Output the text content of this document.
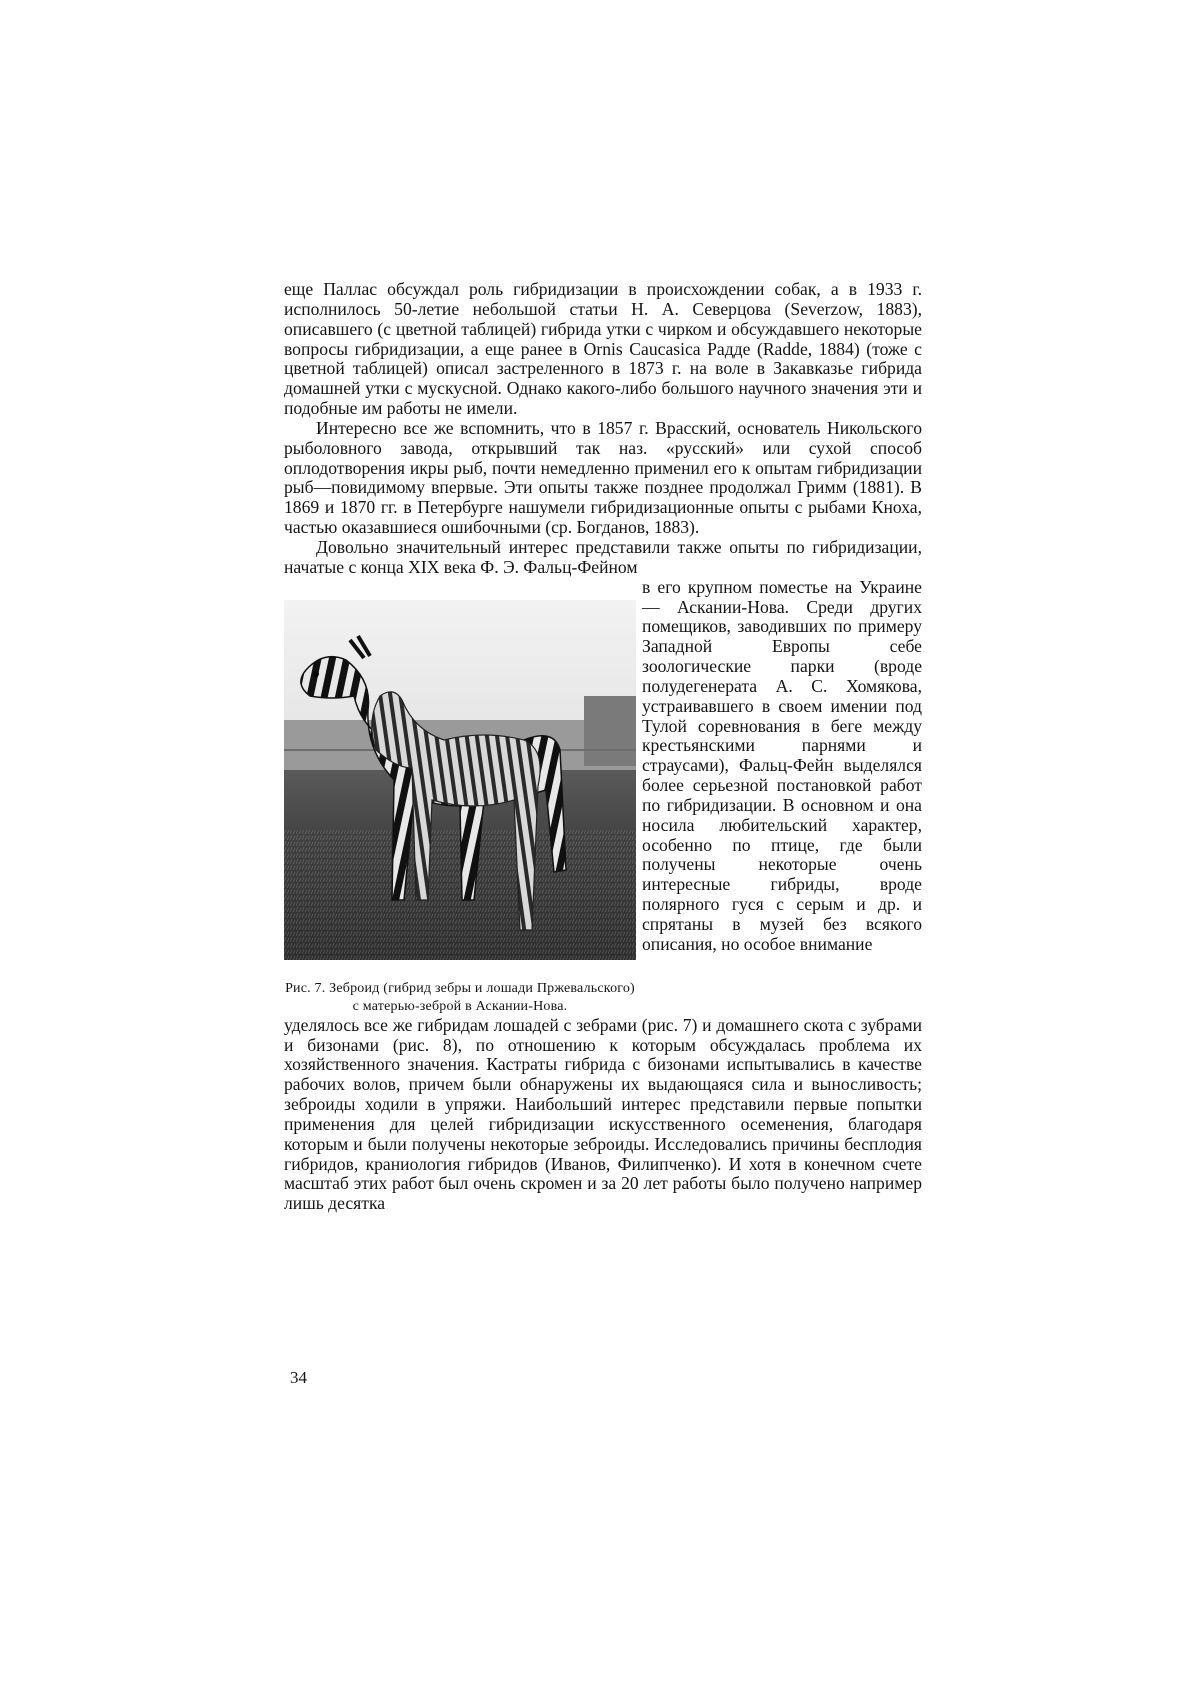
еще Паллас обсуждал роль гибридизации в происхождении собак, а в 1933 г. исполнилось 50-летие небольшой статьи Н. А. Северцова (Severzow, 1883), описавшего (с цветной таблицей) гибрида утки с чирком и обсуждавшего некоторые вопросы гибридизации, а еще ранее в Ornis Caucasica Радде (Radde, 1884) (тоже с цветной таблицей) описал застреленного в 1873 г. на воле в Закавказье гибрида домашней утки с мускусной. Однако какого-либо большого научного значения эти и подобные им работы не имели.

Интересно все же вспомнить, что в 1857 г. Врасский, основатель Никольского рыболовного завода, открывший так наз. «русский» или сухой способ оплодотворения икры рыб, почти немедленно применил его к опытам гибридизации рыб—повидимому впервые. Эти опыты также позднее продолжал Гримм (1881). В 1869 и 1870 гг. в Петербурге нашумели гибридизационные опыты с рыбами Кноха, частью оказавшиеся ошибочными (ср. Богданов, 1883).

Довольно значительный интерес представили также опыты по гибридизации, начатые с конца XIX века Ф. Э. Фальц-Фейном

Рис. 7. Зеброид (гибрид зебры и лошади Пржевальского) с матерью-зеброй в Аскании-Нова.

в его крупном поместье на Украине — Аскании-Нова. Среди других помещиков, заводивших по примеру Западной Европы себе зоологические парки (вроде полудегенерата А. С. Хомякова, устраивавшего в своем имении под Тулой соревнования в беге между крестьянскими парнями и страусами), Фальц-Фейн выделялся более серьезной постановкой работ по гибридизации. В основном и она носила любительский характер, особенно по птице, где были получены некоторые очень интересные гибриды, вроде полярного гуся с серым и др. и спрятаны в музей без всякого описания, но особое внимание

уделялось все же гибридам лошадей с зебрами (рис. 7) и домашнего скота с зубрами и бизонами (рис. 8), по отношению к которым обсуждалась проблема их хозяйственного значения. Кастраты гибрида с бизонами испытывались в качестве рабочих волов, причем были обнаружены их выдающаяся сила и выносливость; зеброиды ходили в упряжи. Наибольший интерес представили первые попытки применения для целей гибридизации искусственного осеменения, благодаря которым и были получены некоторые зеброиды. Исследовались причины бесплодия гибридов, краниология гибридов (Иванов, Филипченко). И хотя в конечном счете масштаб этих работ был очень скромен и за 20 лет работы было получено например лишь десятка

34
